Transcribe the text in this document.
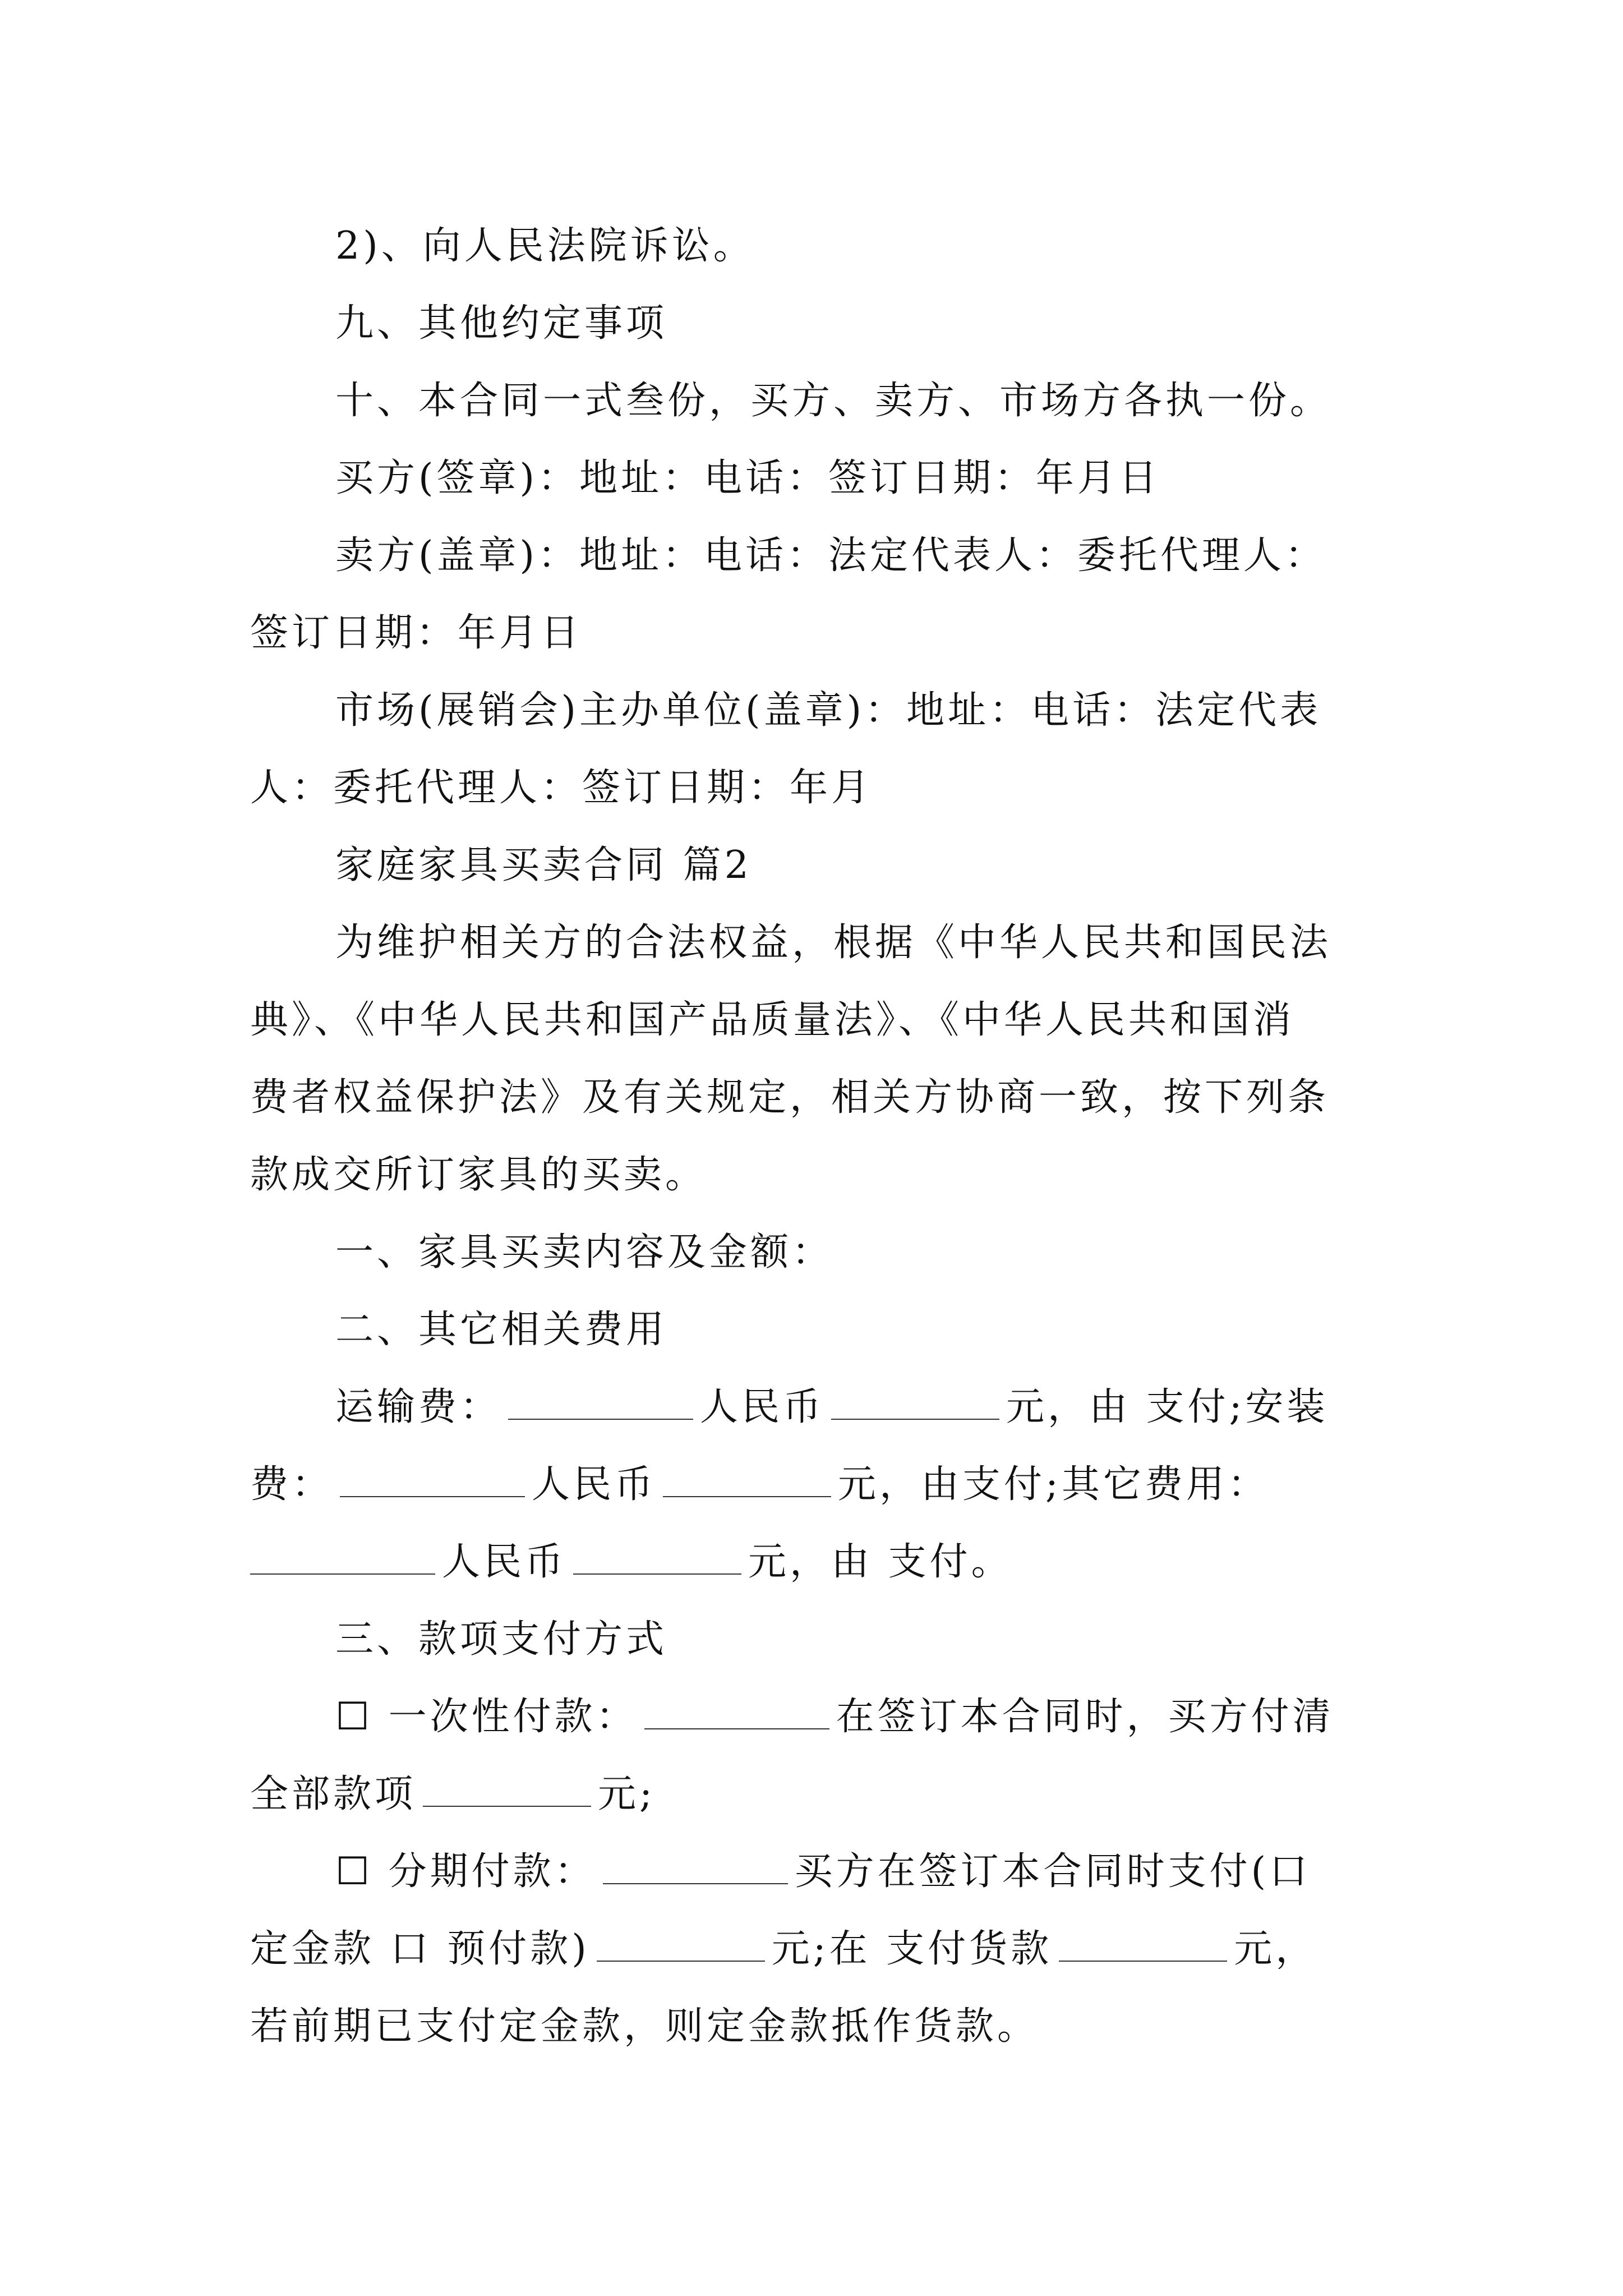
2)、向人民法院诉讼。
九、其他约定事项
十、本合同一式叁份，买方、卖方、市场方各执一份。
买方(签章)：地址：电话：签订日期：年月日
卖方(盖章)：地址：电话：法定代表人：委托代理人：
签订日期：年月日
市场(展销会)主办单位(盖章)：地址：电话：法定代表
人：委托代理人：签订日期：年月
家庭家具买卖合同 篇2
为维护相关方的合法权益，根据《中华人民共和国民法
典》、《中华人民共和国产品质量法》、《中华人民共和国消
费者权益保护法》及有关规定，相关方协商一致，按下列条
款成交所订家具的买卖。
一、家具买卖内容及金额：
二、其它相关费用
运输费：	人民币	元，由 支付;安装
费：	人民币	元，由支付;其它费用：
人民币	元，由 支付。
三、款项支付方式
☐ 一次性付款：	在签订本合同时，买方付清
全部款项	元;
☐ 分期付款：	买方在签订本合同时支付(口
定金款 口 预付款)	元;在 支付货款	元，
若前期已支付定金款，则定金款抵作货款。
